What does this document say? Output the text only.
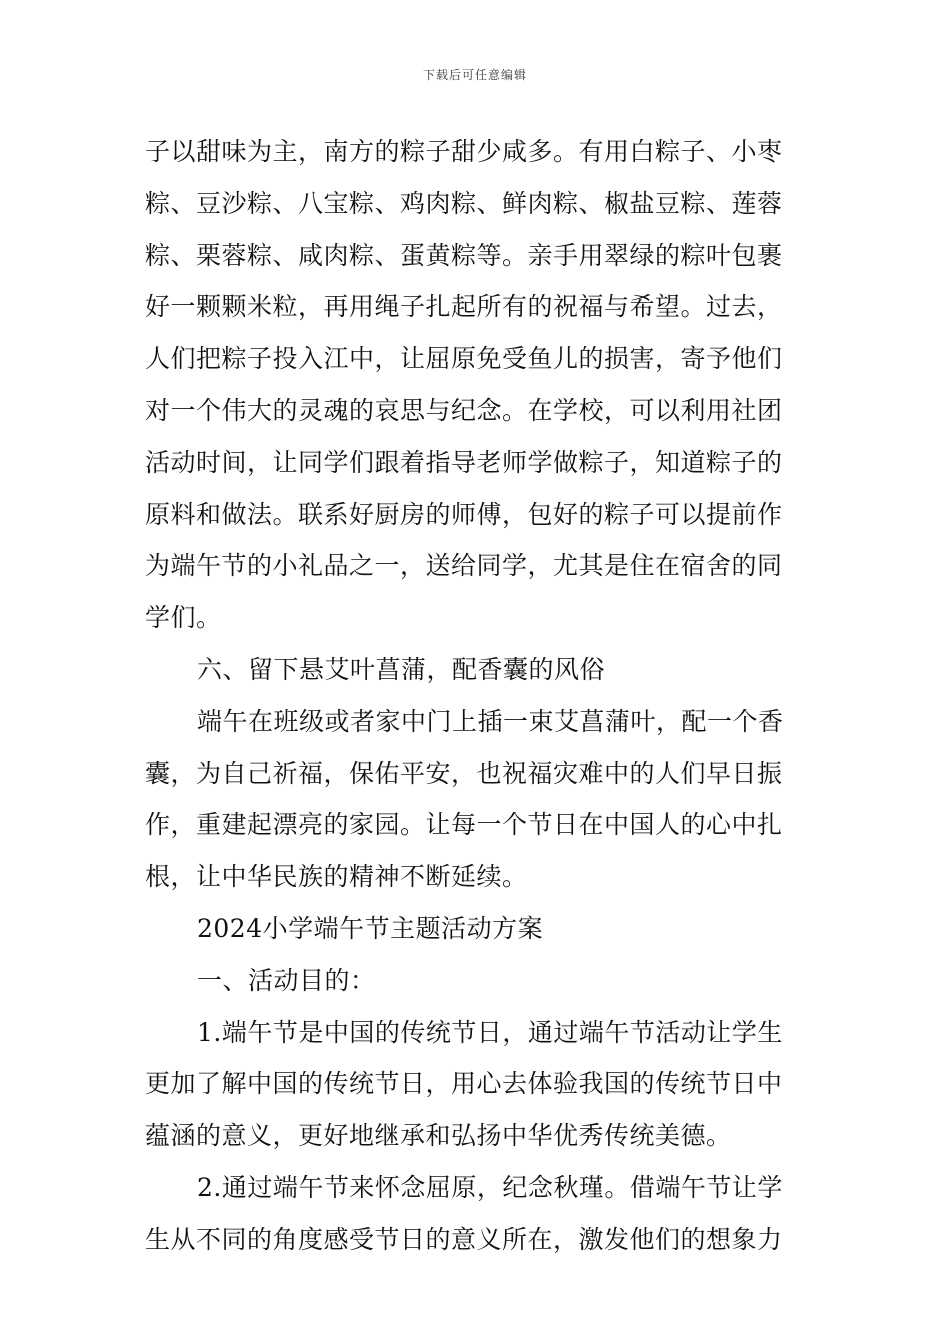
下载后可任意编辑
子以甜味为主，南方的粽子甜少咸多。有用白粽子、小枣
粽、豆沙粽、八宝粽、鸡肉粽、鲜肉粽、椒盐豆粽、莲蓉
粽、栗蓉粽、咸肉粽、蛋黄粽等。亲手用翠绿的粽叶包裹
好一颗颗米粒，再用绳子扎起所有的祝福与希望。过去，
人们把粽子投入江中，让屈原免受鱼儿的损害，寄予他们
对一个伟大的灵魂的哀思与纪念。在学校，可以利用社团
活动时间，让同学们跟着指导老师学做粽子，知道粽子的
原料和做法。联系好厨房的师傅，包好的粽子可以提前作
为端午节的小礼品之一，送给同学，尤其是住在宿舍的同
学们。
六、留下悬艾叶菖蒲，配香囊的风俗
端午在班级或者家中门上插一束艾菖蒲叶，配一个香
囊，为自己祈福，保佑平安，也祝福灾难中的人们早日振
作，重建起漂亮的家园。让每一个节日在中国人的心中扎
根，让中华民族的精神不断延续。
2024小学端午节主题活动方案
一、活动目的：
1.端午节是中国的传统节日，通过端午节活动让学生
更加了解中国的传统节日，用心去体验我国的传统节日中
蕴涵的意义，更好地继承和弘扬中华优秀传统美德。
2.通过端午节来怀念屈原，纪念秋瑾。借端午节让学
生从不同的角度感受节日的意义所在，激发他们的想象力
